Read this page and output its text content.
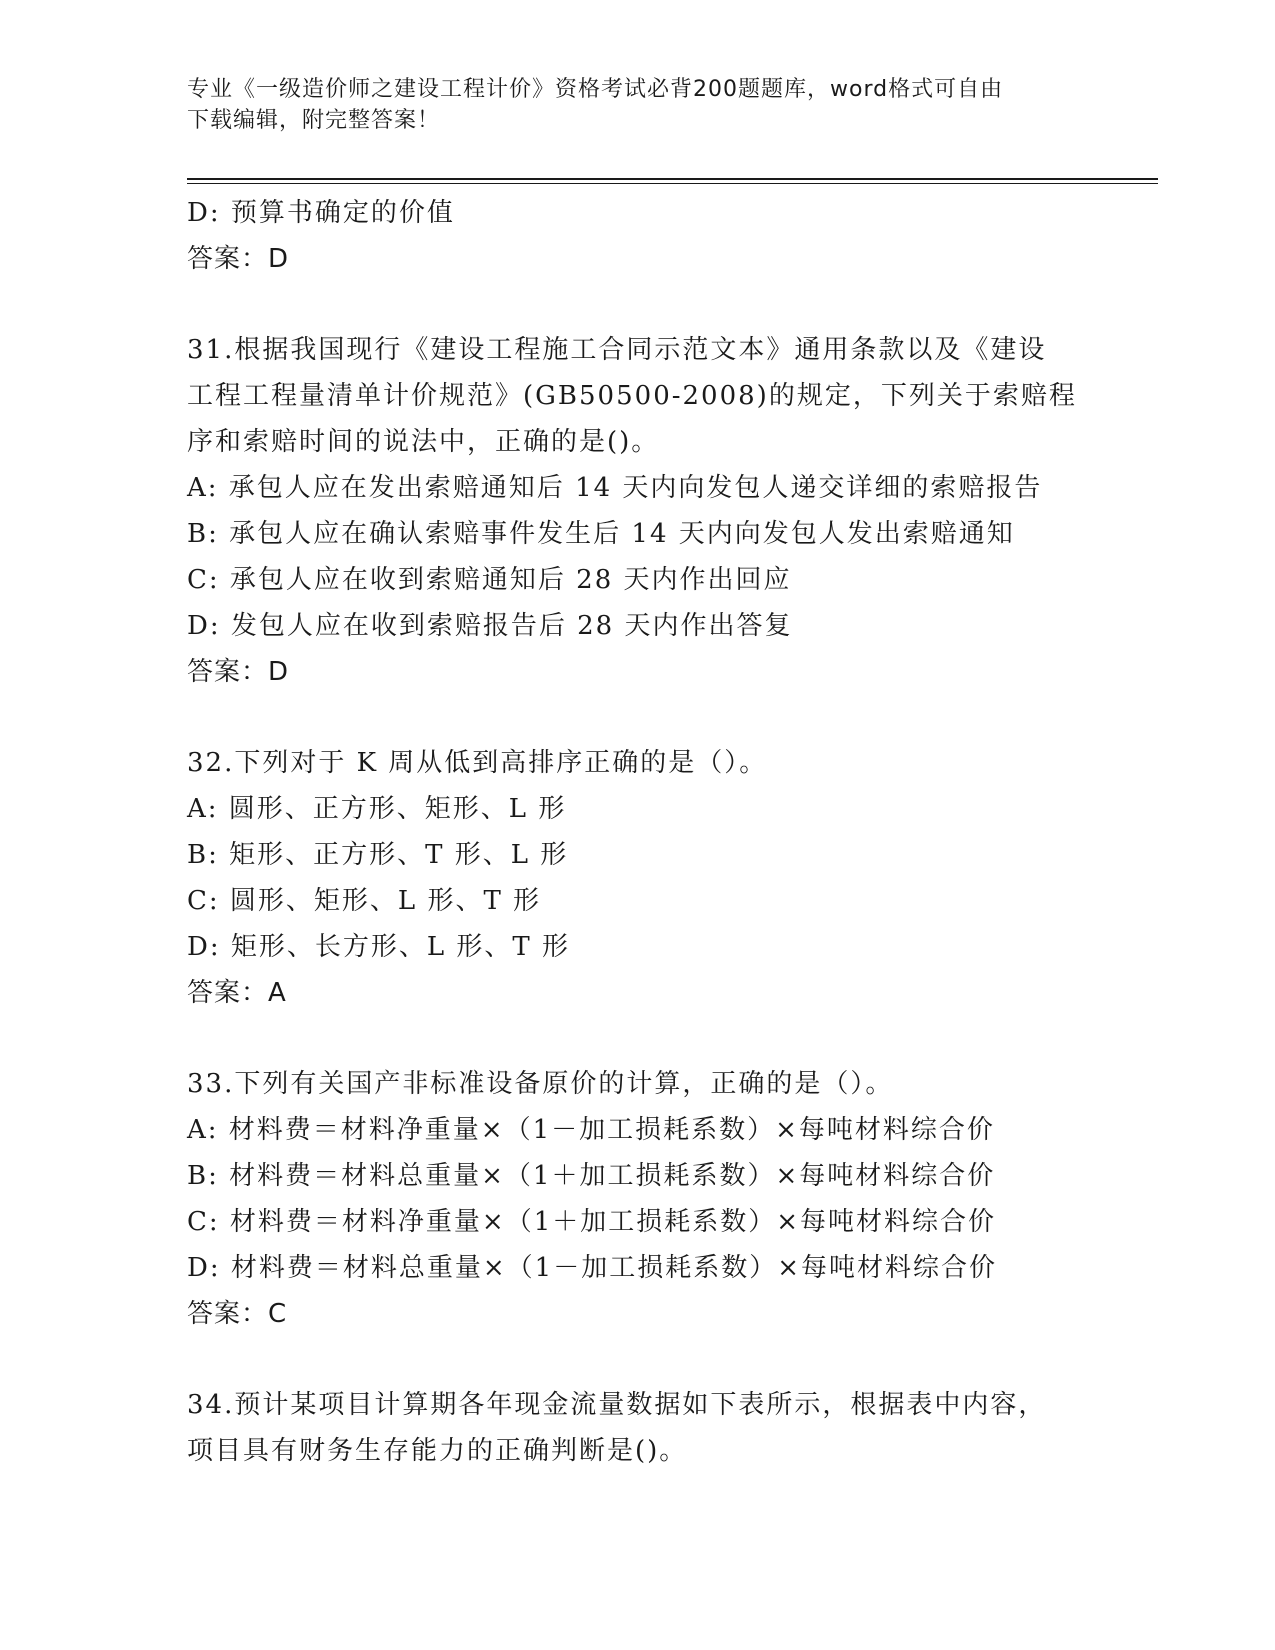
专业《一级造价师之建设工程计价》资格考试必背200题题库，word格式可自由
下载编辑，附完整答案！
D: 预算书确定的价值
答案：D
31.根据我国现行《建设工程施工合同示范文本》通用条款以及《建设
工程工程量清单计价规范》(GB50500-2008)的规定，下列关于索赔程
序和索赔时间的说法中，正确的是()。
A: 承包人应在发出索赔通知后 14 天内向发包人递交详细的索赔报告
B: 承包人应在确认索赔事件发生后 14 天内向发包人发出索赔通知
C: 承包人应在收到索赔通知后 28 天内作出回应
D: 发包人应在收到索赔报告后 28 天内作出答复
答案：D
32.下列对于 K 周从低到高排序正确的是（）。
A: 圆形、正方形、矩形、L 形
B: 矩形、正方形、T 形、L 形
C: 圆形、矩形、L 形、T 形
D: 矩形、长方形、L 形、T 形
答案：A
33.下列有关国产非标准设备原价的计算，正确的是（）。
A: 材料费＝材料净重量×（1－加工损耗系数）×每吨材料综合价
B: 材料费＝材料总重量×（1＋加工损耗系数）×每吨材料综合价
C: 材料费＝材料净重量×（1＋加工损耗系数）×每吨材料综合价
D: 材料费＝材料总重量×（1－加工损耗系数）×每吨材料综合价
答案：C
34.预计某项目计算期各年现金流量数据如下表所示，根据表中内容，
项目具有财务生存能力的正确判断是()。
